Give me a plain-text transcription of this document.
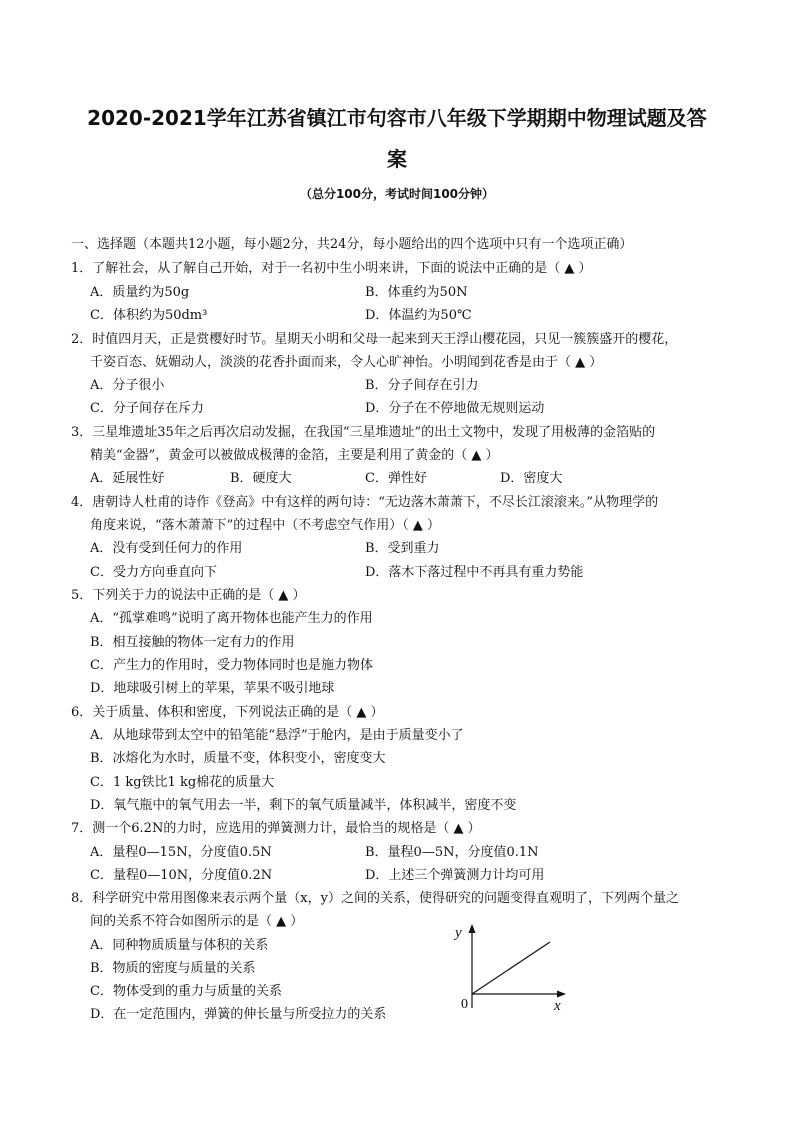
2020-2021学年江苏省镇江市句容市八年级下学期期中物理试题及答
案
（总分100分，考试时间100分钟）
一、选择题（本题共12小题，每小题2分，共24分，每小题给出的四个选项中只有一个选项正确）
1．了解社会，从了解自己开始，对于一名初中生小明来讲，下面的说法中正确的是（ ▲ ）
A．质量约为50g	B．体重约为50N
C．体积约为50dm³	D．体温约为50℃
2．时值四月天，正是赏樱好时节。星期天小明和父母一起来到天王浮山樱花园，只见一簇簇盛开的樱花，
千姿百态、妩媚动人，淡淡的花香扑面而来，令人心旷神怡。小明闻到花香是由于（ ▲ ）
A．分子很小	B．分子间存在引力
C．分子间存在斥力	D．分子在不停地做无规则运动
3．三星堆遗址35年之后再次启动发掘，在我国“三星堆遗址”的出土文物中，发现了用极薄的金箔贴的
精美“金器”，黄金可以被做成极薄的金箔，主要是利用了黄金的（ ▲ ）
A．延展性好	B．硬度大	C．弹性好	D．密度大
4．唐朝诗人杜甫的诗作《登高》中有这样的两句诗：“无边落木萧萧下，不尽长江滚滚来。”从物理学的
角度来说，“落木萧萧下”的过程中（不考虑空气作用）（ ▲ ）
A．没有受到任何力的作用	B．受到重力
C．受力方向垂直向下	D．落木下落过程中不再具有重力势能
5．下列关于力的说法中正确的是（ ▲ ）
A．“孤掌难鸣”说明了离开物体也能产生力的作用
B．相互接触的物体一定有力的作用
C．产生力的作用时，受力物体同时也是施力物体
D．地球吸引树上的苹果，苹果不吸引地球
6．关于质量、体积和密度，下列说法正确的是（ ▲ ）
A．从地球带到太空中的铅笔能“悬浮”于舱内，是由于质量变小了
B．冰熔化为水时，质量不变，体积变小，密度变大
C．1 kg铁比1 kg棉花的质量大
D．氧气瓶中的氧气用去一半，剩下的氧气质量减半，体积减半，密度不变
7．测一个6.2N的力时，应选用的弹簧测力计，最恰当的规格是（ ▲ ）
A．量程0—15N，分度值0.5N	B．量程0—5N，分度值0.1N
C．量程0—10N，分度值0.2N	D．上述三个弹簧测力计均可用
8．科学研究中常用图像来表示两个量（x，y）之间的关系，使得研究的问题变得直观明了，下列两个量之
间的关系不符合如图所示的是（ ▲ ）
A．同种物质质量与体积的关系
B．物质的密度与质量的关系
C．物体受到的重力与质量的关系
D．在一定范围内，弹簧的伸长量与所受拉力的关系
y
x
0
